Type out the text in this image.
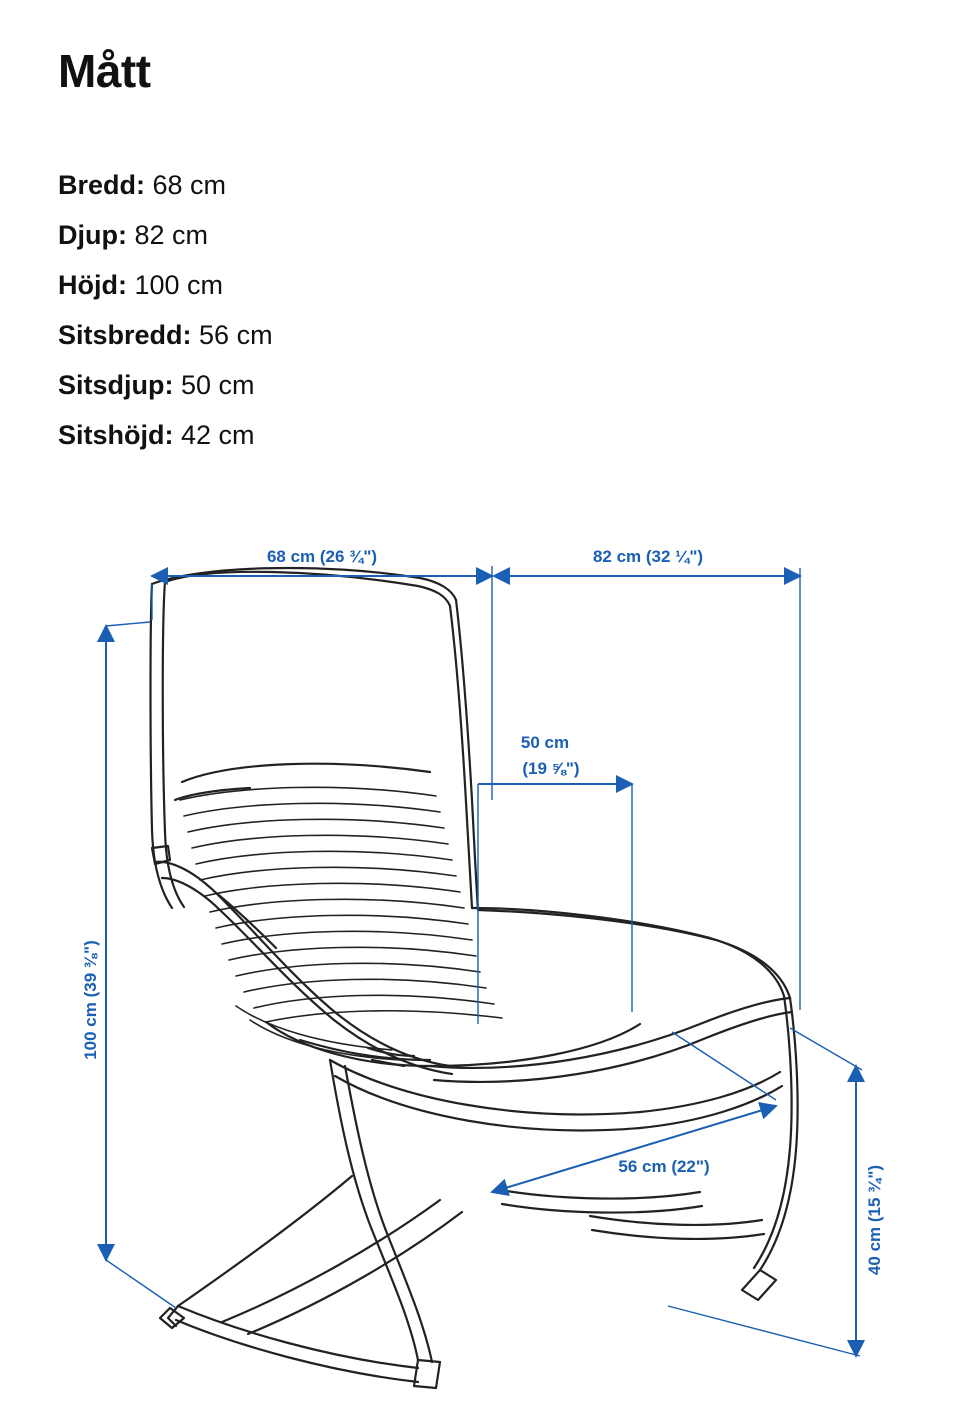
Mått
Bredd: 68 cm
Djup: 82 cm
Höjd: 100 cm
Sitsbredd: 56 cm
Sitsdjup: 50 cm
Sitshöjd: 42 cm
68 cm (26 ¾")	82 cm (32 ¼")
50 cm
(19 ⅝")
100 cm (39 ⅜")
56 cm (22")	40 cm (15 ¾")
